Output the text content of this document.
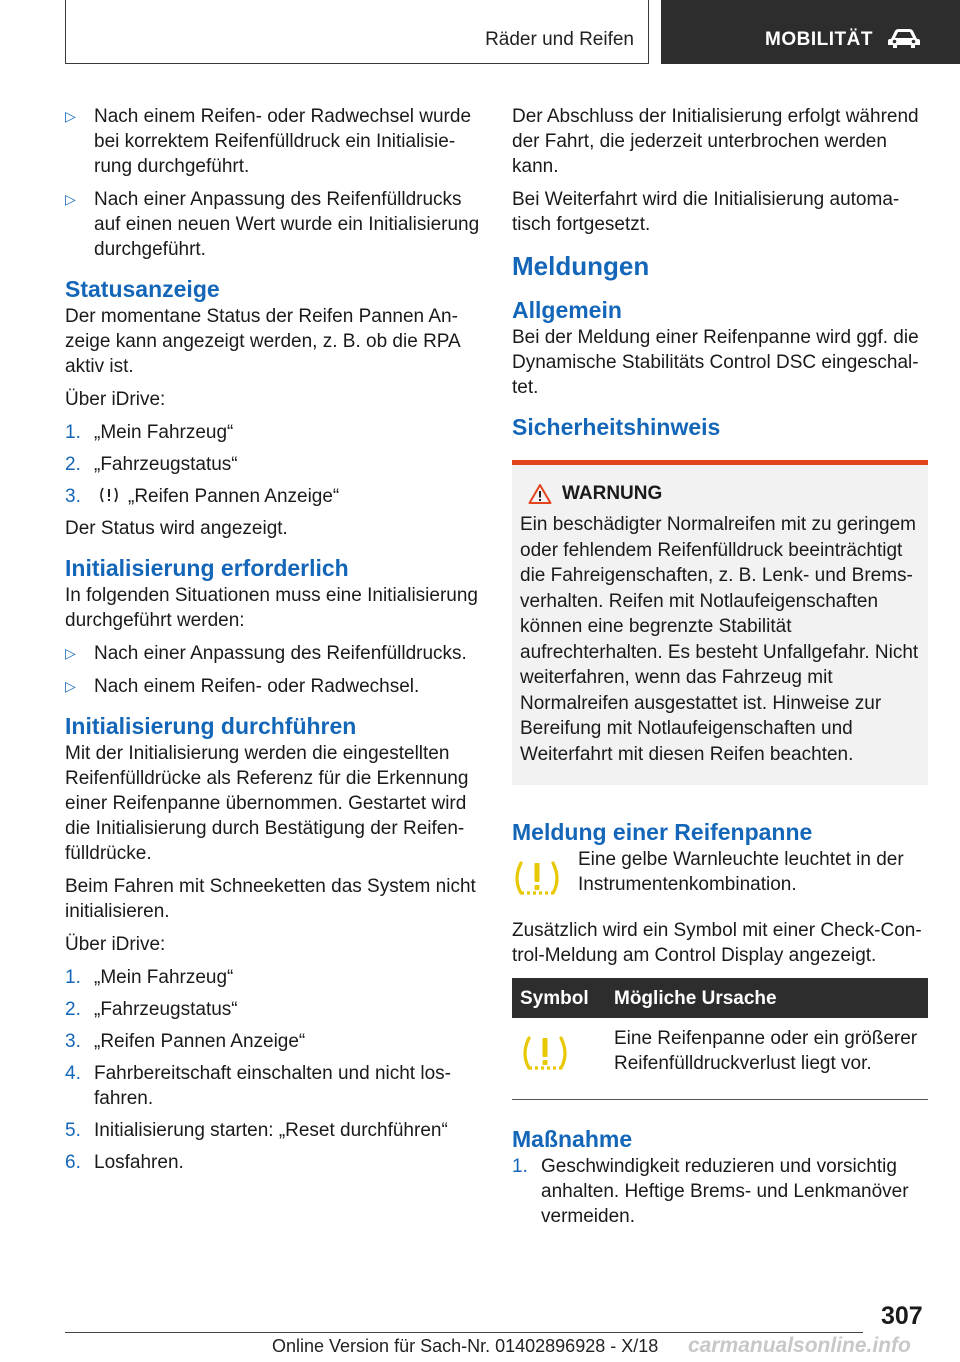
Räder und Reifen	MOBILITÄT
▷ Nach einem Reifen- oder Radwechsel wurde bei korrektem Reifenfülldruck ein Initialisierung durchgeführt.
▷ Nach einer Anpassung des Reifenfülldrucks auf einen neuen Wert wurde ein Initialisierung durchgeführt.
Statusanzeige

Der momentane Status der Reifen Pannen Anzeige kann angezeigt werden, z. B. ob die RPA aktiv ist.

Über iDrive:

1. „Mein Fahrzeug“
2. „Fahrzeugstatus“
3.	„Reifen Pannen Anzeige“

Der Status wird angezeigt.

Initialisierung erforderlich

In folgenden Situationen muss eine Initialisierung durchgeführt werden:

▷ Nach einer Anpassung des Reifenfülldrucks.
▷ Nach einem Reifen- oder Radwechsel.
Initialisierung durchführen

Mit der Initialisierung werden die eingestellten Reifenfülldrücke als Referenz für die Erkennung einer Reifenpanne übernommen. Gestartet wird die Initialisierung durch Bestätigung der Reifenfülldrücke.

Beim Fahren mit Schneeketten das System nicht initialisieren.

Über iDrive:

1. „Mein Fahrzeug“
2. „Fahrzeugstatus“
3. „Reifen Pannen Anzeige“
4. Fahrbereitschaft einschalten und nicht losfahren.
5. Initialisierung starten: „Reset durchführen“
6. Losfahren.

Der Abschluss der Initialisierung erfolgt während der Fahrt, die jederzeit unterbrochen werden kann.

Bei Weiterfahrt wird die Initialisierung automatisch fortgesetzt.

Meldungen
Allgemein

Bei der Meldung einer Reifenpanne wird ggf. die Dynamische Stabilitäts Control DSC eingeschaltet.

Sicherheitshinweis
WARNUNG
Ein beschädigter Normalreifen mit zu geringem oder fehlendem Reifenfülldruck beeinträchtigt die Fahreigenschaften, z. B. Lenk- und Bremsverhalten. Reifen mit Notlaufeigenschaften können eine begrenzte Stabilität aufrechterhalten. Es besteht Unfallgefahr. Nicht weiterfahren, wenn das Fahrzeug mit Normalreifen ausgestattet ist. Hinweise zur Bereifung mit Notlaufeigenschaften und Weiterfahrt mit diesen Reifen beachten.
Meldung einer Reifenpanne
Eine gelbe Warnleuchte leuchtet in der Instrumentenkombination.

Zusätzlich wird ein Symbol mit einer Check-Control-Meldung am Control Display angezeigt.

Symbol	Mögliche Ursache
	Eine Reifenpanne oder ein größerer Reifenfülldruckverlust liegt vor.
Maßnahme
1. Geschwindigkeit reduzieren und vorsichtig anhalten. Heftige Brems- und Lenkmanöver vermeiden.
307
Online Version für Sach-Nr. 01402896928 - X/18 carmanualsonline.info
